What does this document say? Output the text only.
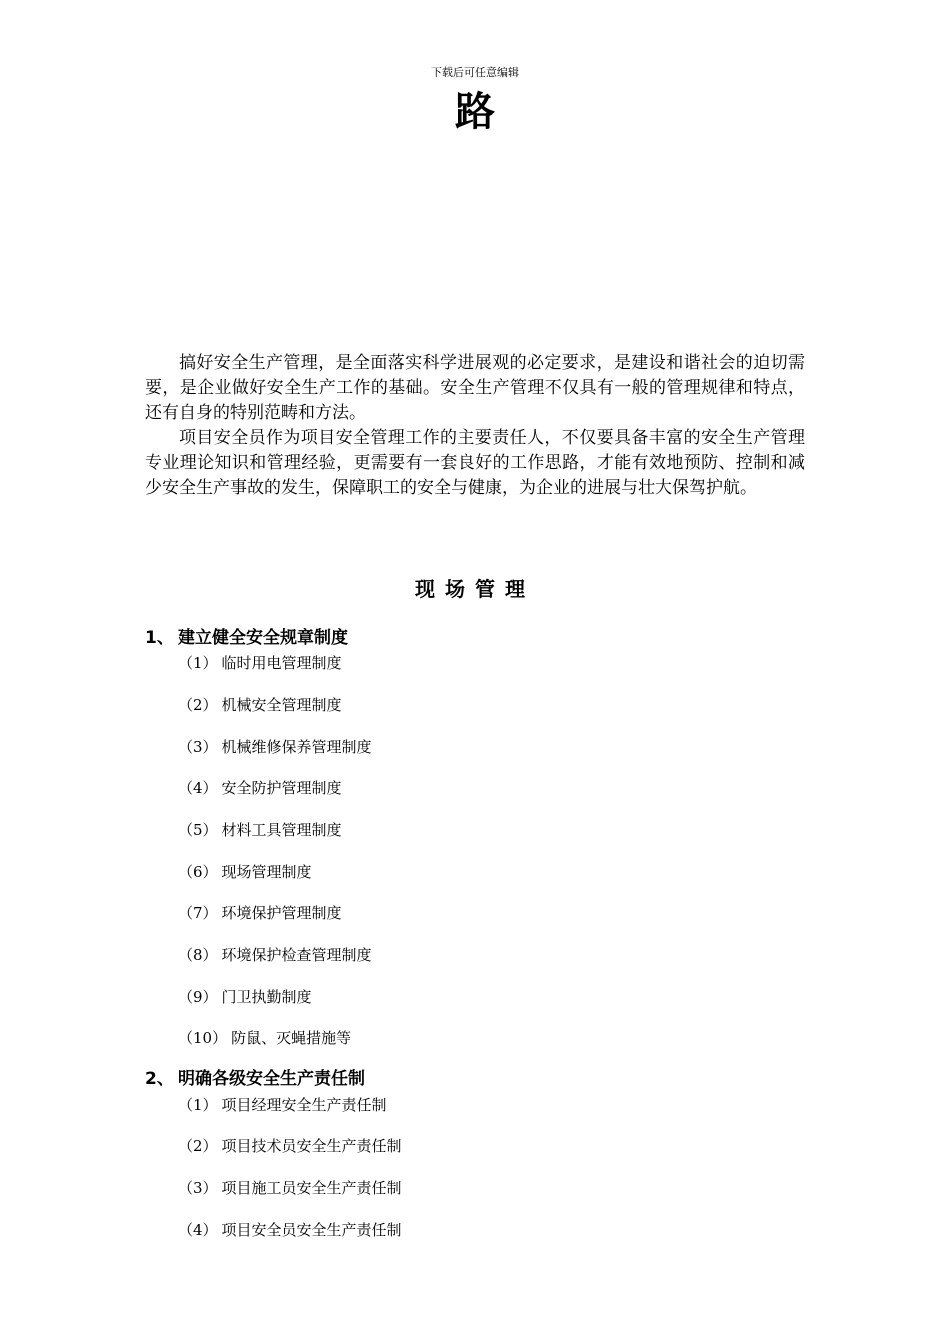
下载后可任意编辑
路

搞好安全生产管理，是全面落实科学进展观的必定要求，是建设和谐社会的迫切需要，是企业做好安全生产工作的基础。安全生产管理不仅具有一般的管理规律和特点，还有自身的特别范畴和方法。

项目安全员作为项目安全管理工作的主要责任人，不仅要具备丰富的安全生产管理专业理论知识和管理经验，更需要有一套良好的工作思路，才能有效地预防、控制和减少安全生产事故的发生，保障职工的安全与健康，为企业的进展与壮大保驾护航。

现场管理
1、 建立健全安全规章制度
（1） 临时用电管理制度
（2） 机械安全管理制度
（3） 机械维修保养管理制度
（4） 安全防护管理制度
（5） 材料工具管理制度
（6） 现场管理制度
（7） 环境保护管理制度
（8） 环境保护检查管理制度
（9） 门卫执勤制度
（10） 防鼠、灭蝇措施等
2、 明确各级安全生产责任制
（1） 项目经理安全生产责任制
（2） 项目技术员安全生产责任制
（3） 项目施工员安全生产责任制
（4） 项目安全员安全生产责任制
